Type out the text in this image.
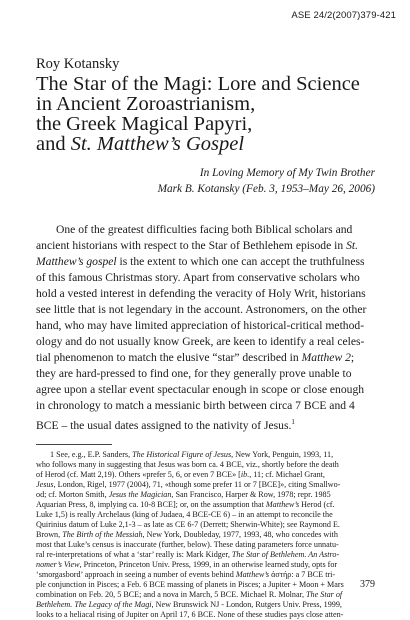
ASE 24/2(2007)379-421
Roy Kotansky
The Star of the Magi: Lore and Science
in Ancient Zoroastrianism,
the Greek Magical Papyri,
and St. Matthew’s Gospel
In Loving Memory of My Twin Brother
Mark B. Kotansky (Feb. 3, 1953–May 26, 2006)
One of the greatest difficulties facing both Biblical scholars and
ancient historians with respect to the Star of Bethlehem episode in St.
Matthew’s gospel is the extent to which one can accept the truthfulness
of this famous Christmas story. Apart from conservative scholars who
hold a vested interest in defending the veracity of Holy Writ, historians
see little that is not legendary in the account. Astronomers, on the other
hand, who may have limited appreciation of historical-critical method-
ology and do not usually know Greek, are keen to identify a real celes-
tial phenomenon to match the elusive “star” described in Matthew 2;
they are hard-pressed to find one, for they generally prove unable to
agree upon a stellar event spectacular enough in scope or close enough
in chronology to match a messianic birth between circa 7 BCE and 4
BCE – the usual dates assigned to the nativity of Jesus.$^1$
1 See, e.g., E.P. Sanders, The Historical Figure of Jesus, New York, Penguin, 1993, 11,
who follows many in suggesting that Jesus was born ca. 4 BCE, viz., shortly before the death
of Herod (cf. Matt 2,19). Others «prefer 5, 6, or even 7 BCE» [ib., 11; cf. Michael Grant,
Jesus, London, Rigel, 1977 (2004), 71, «though some prefer 11 or 7 [BCE]», citing Smallwo-
od; cf. Morton Smith, Jesus the Magician, San Francisco, Harper & Row, 1978; repr. 1985
Aquarian Press, 8, implying ca. 10-8 BCE]; or, on the assumption that Matthew’s Herod (cf.
Luke 1,5) is really Archelaus (king of Judaea, 4 BCE-CE 6) – in an attempt to reconcile the
Quirinius datum of Luke 2,1-3 – as late as CE 6-7 (Derrett; Sherwin-White); see Raymond E.
Brown, The Birth of the Messiah, New York, Doubleday, 1977, 1993, 48, who concedes with
most that Luke’s census is inaccurate (further, below). These dating parameters force unnatu-
ral re-interpretations of what a ‘star’ really is: Mark Kidger, The Star of Bethlehem. An Astro-
nomer’s View, Princeton, Princeton Univ. Press, 1999, in an otherwise learned study, opts for
‘smorgasbord’ approach in seeing a number of events behind Matthew’s ἀστήρ: a 7 BCE tri-
ple conjunction in Pisces; a Feb. 6 BCE massing of planets in Pisces; a Jupiter + Moon + Mars
combination on Feb. 20, 5 BCE; and a nova in March, 5 BCE. Michael R. Molnar, The Star of
Bethlehem. The Legacy of the Magi, New Brunswick NJ - London, Rutgers Univ. Press, 1999,
looks to a heliacal rising of Jupiter on April 17, 6 BCE. None of these studies pays close atten-
379
